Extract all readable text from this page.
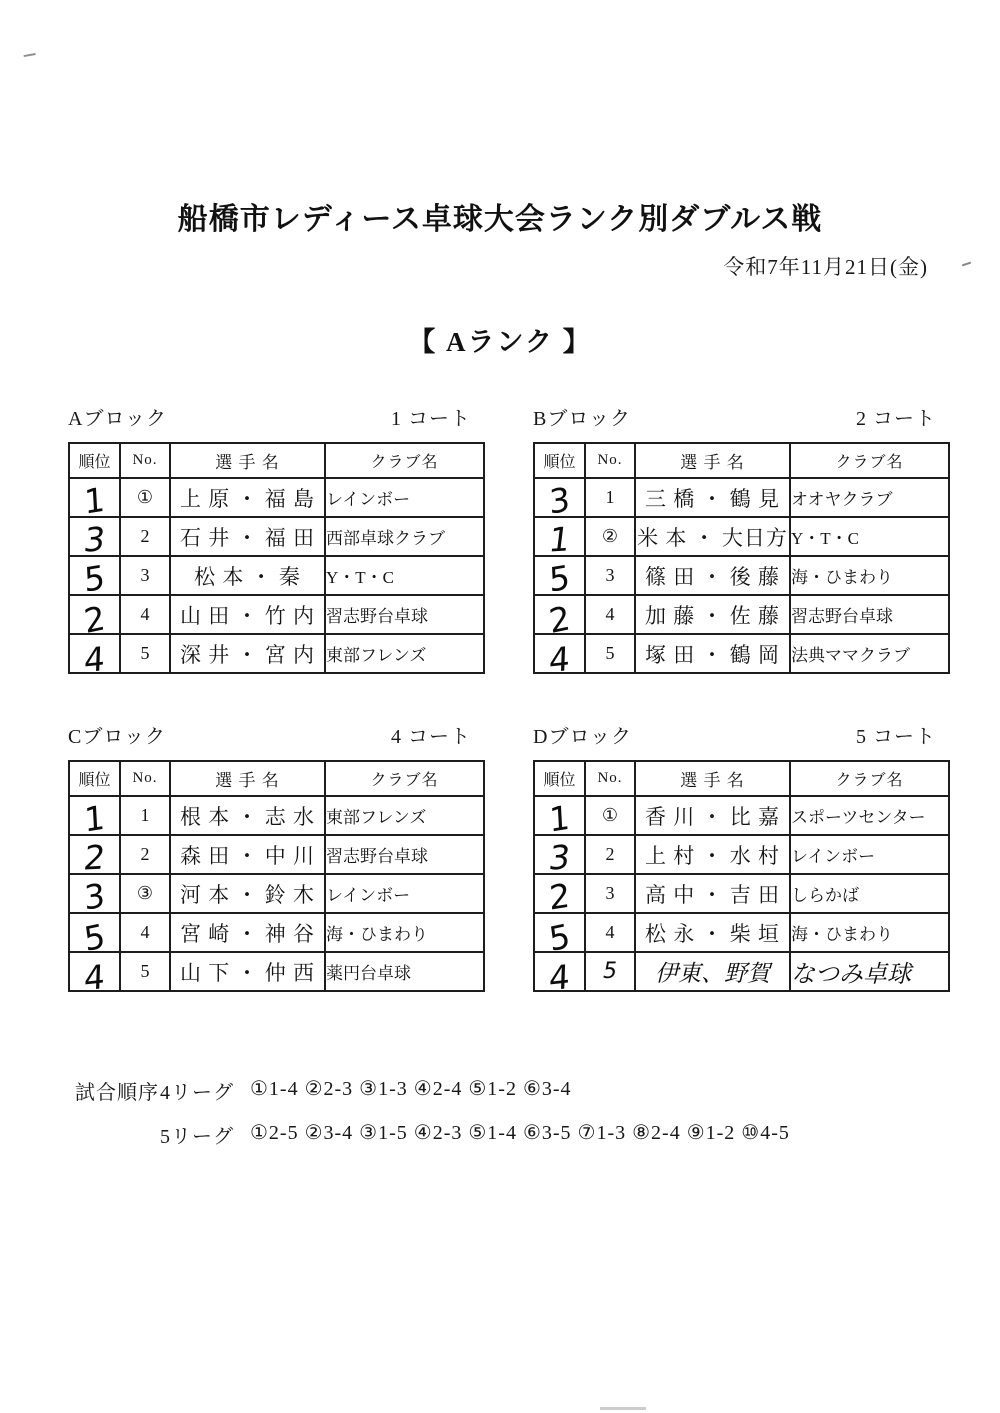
船橋市レディース卓球大会ランク別ダブルス戦
令和7年11月21日(金)
【 Aランク 】
Aブロック	1 コート
順位	No.	選 手 名	クラブ名
1	①	上 原 ・ 福 島	レインボー
3	2	石 井 ・ 福 田	西部卓球クラブ
5	3	松 本 ・ 秦	Y・T・C
2	4	山 田 ・ 竹 内	習志野台卓球
4	5	深 井 ・ 宮 内	東部フレンズ
Bブロック	2 コート
順位	No.	選 手 名	クラブ名
3	1	三 橋 ・ 鶴 見	オオヤクラブ
1	②	米 本 ・ 大日方	Y・T・C
5	3	篠 田 ・ 後 藤	海・ひまわり
2	4	加 藤 ・ 佐 藤	習志野台卓球
4	5	塚 田 ・ 鶴 岡	法典ママクラブ
Cブロック	4 コート
順位	No.	選 手 名	クラブ名
1	1	根 本 ・ 志 水	東部フレンズ
2	2	森 田 ・ 中 川	習志野台卓球
3	③	河 本 ・ 鈴 木	レインボー
5	4	宮 崎 ・ 神 谷	海・ひまわり
4	5	山 下 ・ 仲 西	薬円台卓球
Dブロック	5 コート
順位	No.	選 手 名	クラブ名
1	①	香 川 ・ 比 嘉	スポーツセンター
3	2	上 村 ・ 水 村	レインボー
2	3	高 中 ・ 吉 田	しらかば
5	4	松 永 ・ 柴 垣	海・ひまわり
4	5	伊東、野賀	なつみ卓球
試合順序 4リーグ ①1-4 ②2-3 ③1-3 ④2-4 ⑤1-2 ⑥3-4
5リーグ ①2-5 ②3-4 ③1-5 ④2-3 ⑤1-4 ⑥3-5 ⑦1-3 ⑧2-4 ⑨1-2 ⑩4-5
